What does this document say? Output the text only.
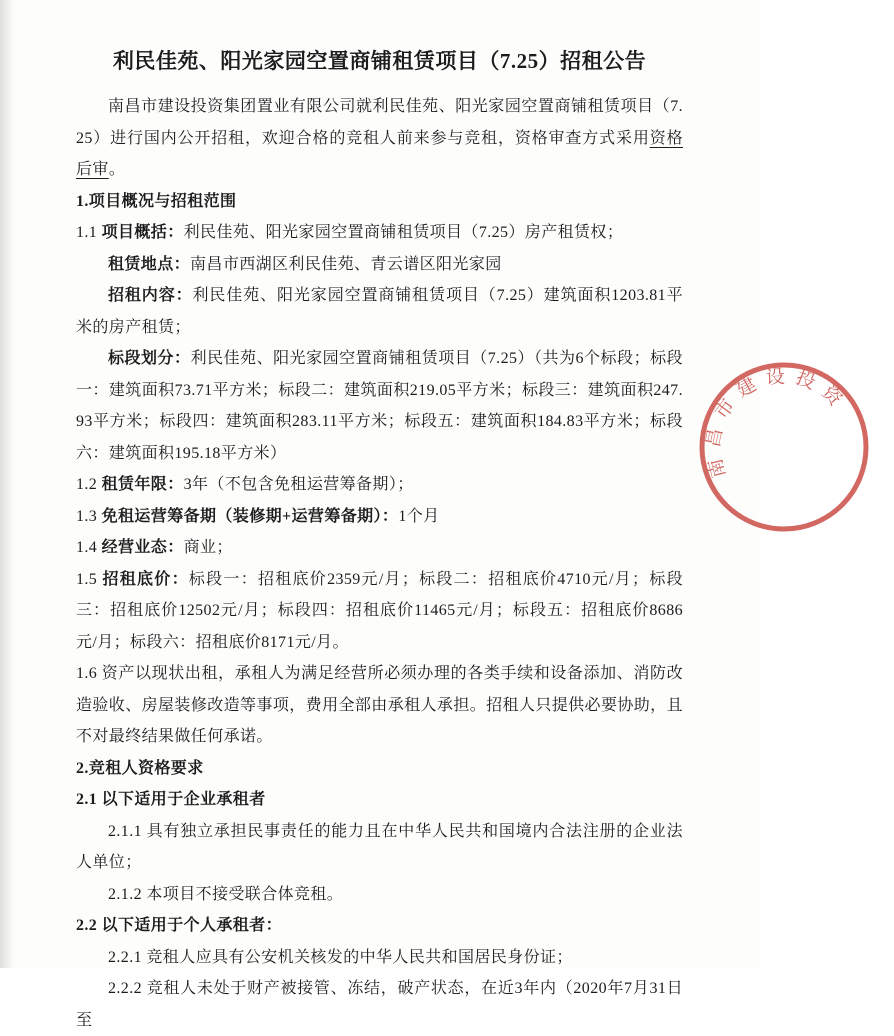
利民佳苑、阳光家园空置商铺租赁项目（7.25）招租公告
南昌市建设投资集团置业有限公司就利民佳苑、阳光家园空置商铺租赁项目（7.25）进行国内公开招租，欢迎合格的竞租人前来参与竞租，资格审查方式采用资格后审。
1.项目概况与招租范围
1.1 项目概括：利民佳苑、阳光家园空置商铺租赁项目（7.25）房产租赁权；
租赁地点：南昌市西湖区利民佳苑、青云谱区阳光家园
招租内容：利民佳苑、阳光家园空置商铺租赁项目（7.25）建筑面积1203.81平米的房产租赁；
标段划分：利民佳苑、阳光家园空置商铺租赁项目（7.25）（共为6个标段；标段一：建筑面积73.71平方米；标段二：建筑面积219.05平方米；标段三：建筑面积247.93平方米；标段四：建筑面积283.11平方米；标段五：建筑面积184.83平方米；标段六：建筑面积195.18平方米）
1.2 租赁年限：3年（不包含免租运营筹备期）；
1.3 免租运营筹备期（装修期+运营筹备期）：1个月
1.4 经营业态：商业；
1.5 招租底价：标段一：招租底价2359元/月；标段二：招租底价4710元/月；标段三：招租底价12502元/月；标段四：招租底价11465元/月；标段五：招租底价8686元/月；标段六：招租底价8171元/月。
1.6 资产以现状出租，承租人为满足经营所必须办理的各类手续和设备添加、消防改造验收、房屋装修改造等事项，费用全部由承租人承担。招租人只提供必要协助，且不对最终结果做任何承诺。
2.竞租人资格要求
2.1 以下适用于企业承租者
2.1.1 具有独立承担民事责任的能力且在中华人民共和国境内合法注册的企业法人单位；
2.1.2 本项目不接受联合体竞租。
2.2 以下适用于个人承租者：
2.2.1 竞租人应具有公安机关核发的中华人民共和国居民身份证；
2.2.2 竞租人未处于财产被接管、冻结，破产状态，在近3年内（2020年7月31日至
南昌市建设投资
